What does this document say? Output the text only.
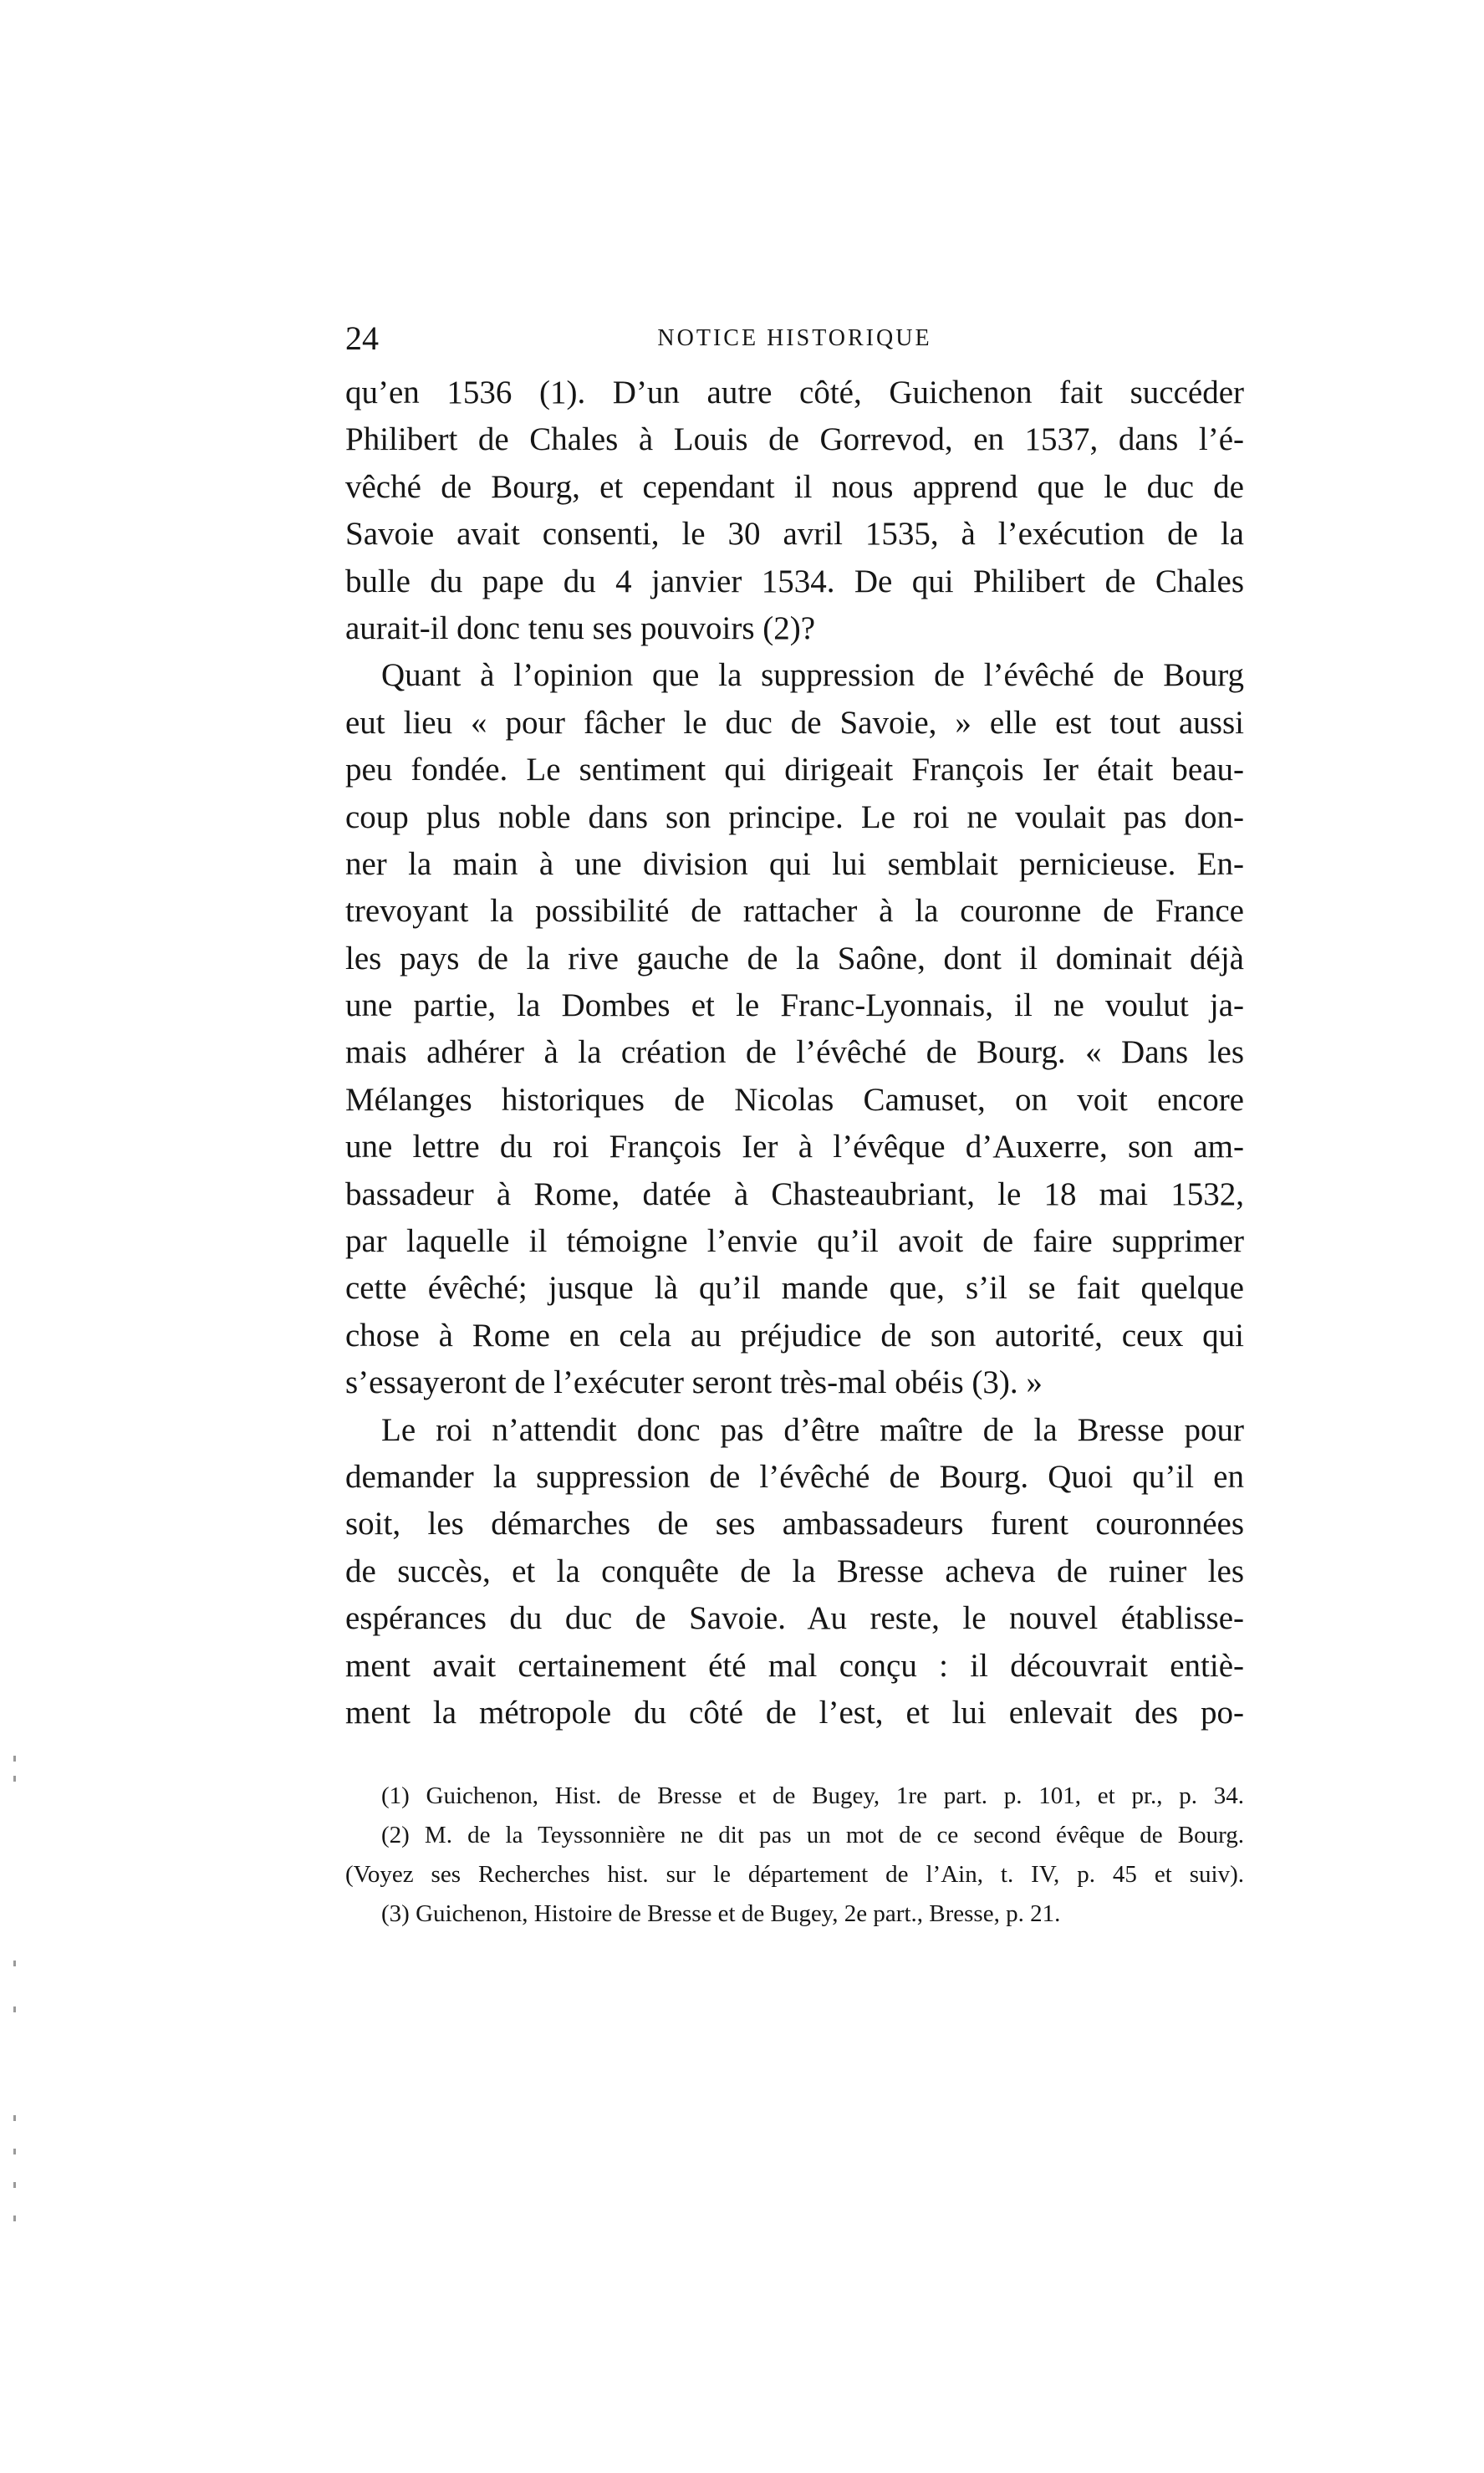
24	NOTICE HISTORIQUE
qu’en 1536 (1). D’un autre côté, Guichenon fait succéder
Philibert de Chales à Louis de Gorrevod, en 1537, dans l’é-
vêché de Bourg, et cependant il nous apprend que le duc de
Savoie avait consenti, le 30 avril 1535, à l’exécution de la
bulle du pape du 4 janvier 1534. De qui Philibert de Chales
aurait-il donc tenu ses pouvoirs (2)?
Quant à l’opinion que la suppression de l’évêché de Bourg
eut lieu « pour fâcher le duc de Savoie, » elle est tout aussi
peu fondée. Le sentiment qui dirigeait François Ier était beau-
coup plus noble dans son principe. Le roi ne voulait pas don-
ner la main à une division qui lui semblait pernicieuse. En-
trevoyant la possibilité de rattacher à la couronne de France
les pays de la rive gauche de la Saône, dont il dominait déjà
une partie, la Dombes et le Franc-Lyonnais, il ne voulut ja-
mais adhérer à la création de l’évêché de Bourg. « Dans les
Mélanges historiques de Nicolas Camuset, on voit encore
une lettre du roi François Ier à l’évêque d’Auxerre, son am-
bassadeur à Rome, datée à Chasteaubriant, le 18 mai 1532,
par laquelle il témoigne l’envie qu’il avoit de faire supprimer
cette évêché; jusque là qu’il mande que, s’il se fait quelque
chose à Rome en cela au préjudice de son autorité, ceux qui
s’essayeront de l’exécuter seront très-mal obéis (3). »
Le roi n’attendit donc pas d’être maître de la Bresse pour
demander la suppression de l’évêché de Bourg. Quoi qu’il en
soit, les démarches de ses ambassadeurs furent couronnées
de succès, et la conquête de la Bresse acheva de ruiner les
espérances du duc de Savoie. Au reste, le nouvel établisse-
ment avait certainement été mal conçu : il découvrait entiè-
ment la métropole du côté de l’est, et lui enlevait des po-
(1) Guichenon, Hist. de Bresse et de Bugey, 1re part. p. 101, et pr., p. 34.
(2) M. de la Teyssonnière ne dit pas un mot de ce second évêque de Bourg.
(Voyez ses Recherches hist. sur le département de l’Ain, t. IV, p. 45 et suiv).
(3) Guichenon, Histoire de Bresse et de Bugey, 2e part., Bresse, p. 21.
